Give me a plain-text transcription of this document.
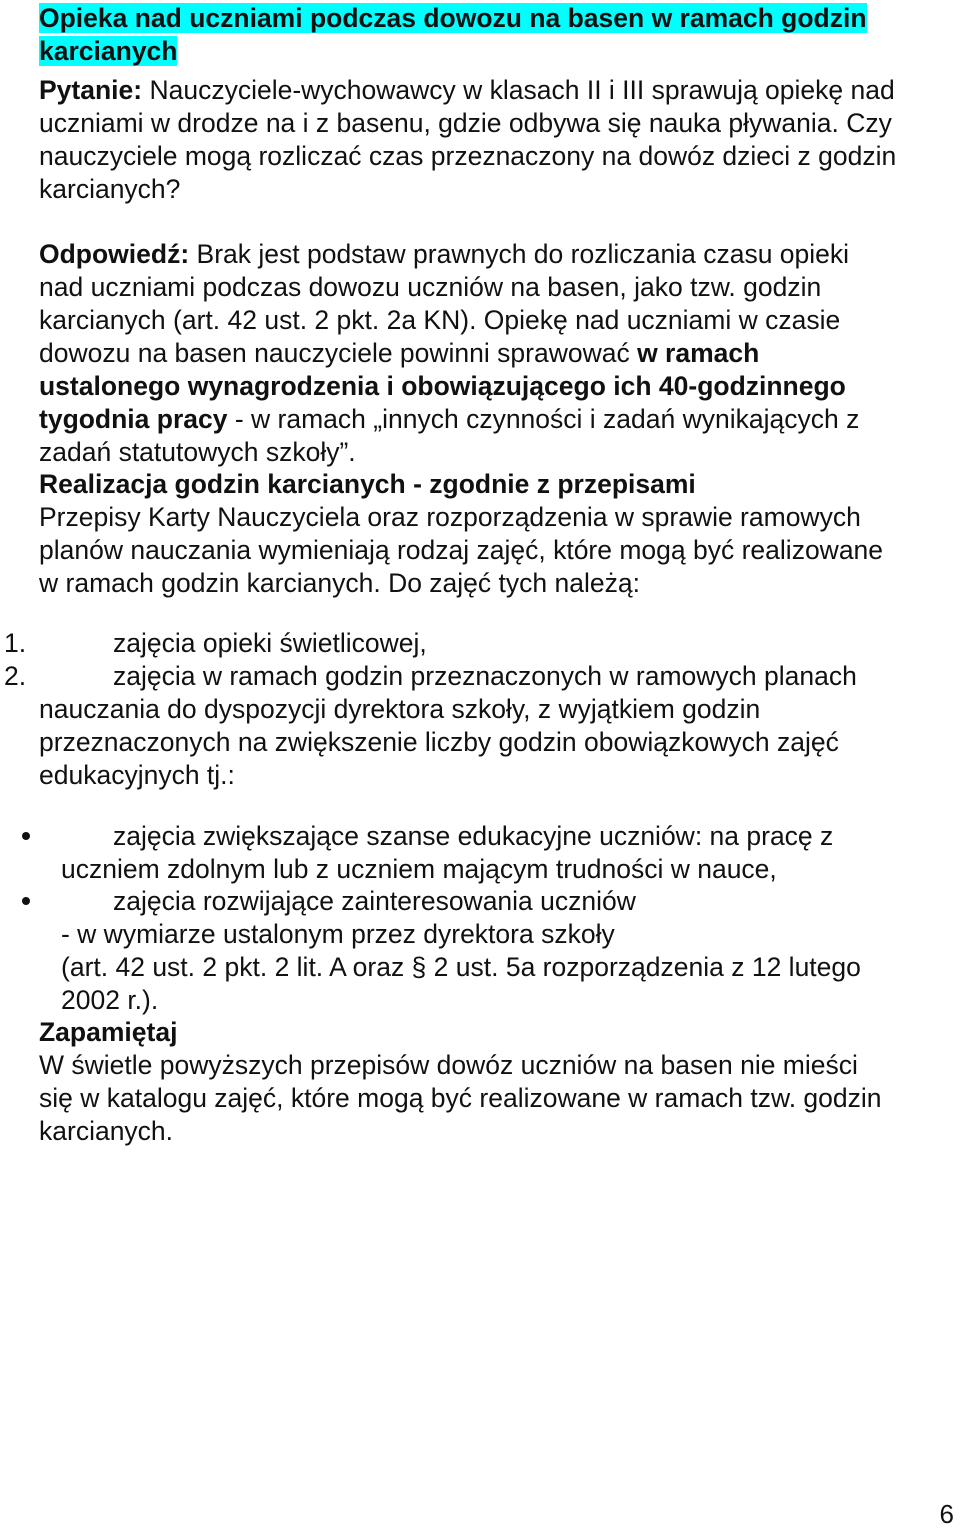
Opieka nad uczniami podczas dowozu na basen w ramach godzin
karcianych
Pytanie: Nauczyciele-wychowawcy w klasach II i III sprawują opiekę nad
uczniami w drodze na i z basenu, gdzie odbywa się nauka pływania. Czy
nauczyciele mogą rozliczać czas przeznaczony na dowóz dzieci z godzin
karcianych?
Odpowiedź: Brak jest podstaw prawnych do rozliczania czasu opieki
nad uczniami podczas dowozu uczniów na basen, jako tzw. godzin
karcianych (art. 42 ust. 2 pkt. 2a KN). Opiekę nad uczniami w czasie
dowozu na basen nauczyciele powinni sprawować w ramach
ustalonego wynagrodzenia i obowiązującego ich 40-godzinnego
tygodnia pracy - w ramach „innych czynności i zadań wynikających z
zadań statutowych szkoły”.
Realizacja godzin karcianych - zgodnie z przepisami
Przepisy Karty Nauczyciela oraz rozporządzenia w sprawie ramowych
planów nauczania wymieniają rodzaj zajęć, które mogą być realizowane
w ramach godzin karcianych. Do zajęć tych należą:
1.	zajęcia opieki świetlicowej,
2.	zajęcia w ramach godzin przeznaczonych w ramowych planach
nauczania do dyspozycji dyrektora szkoły, z wyjątkiem godzin
przeznaczonych na zwiększenie liczby godzin obowiązkowych zajęć
edukacyjnych tj.:
zajęcia zwiększające szanse edukacyjne uczniów: na pracę z
uczniem zdolnym lub z uczniem mającym trudności w nauce,
zajęcia rozwijające zainteresowania uczniów
- w wymiarze ustalonym przez dyrektora szkoły
(art. 42 ust. 2 pkt. 2 lit. A oraz § 2 ust. 5a rozporządzenia z 12 lutego
2002 r.).
Zapamiętaj
W świetle powyższych przepisów dowóz uczniów na basen nie mieści
się w katalogu zajęć, które mogą być realizowane w ramach tzw. godzin
karcianych.
6
